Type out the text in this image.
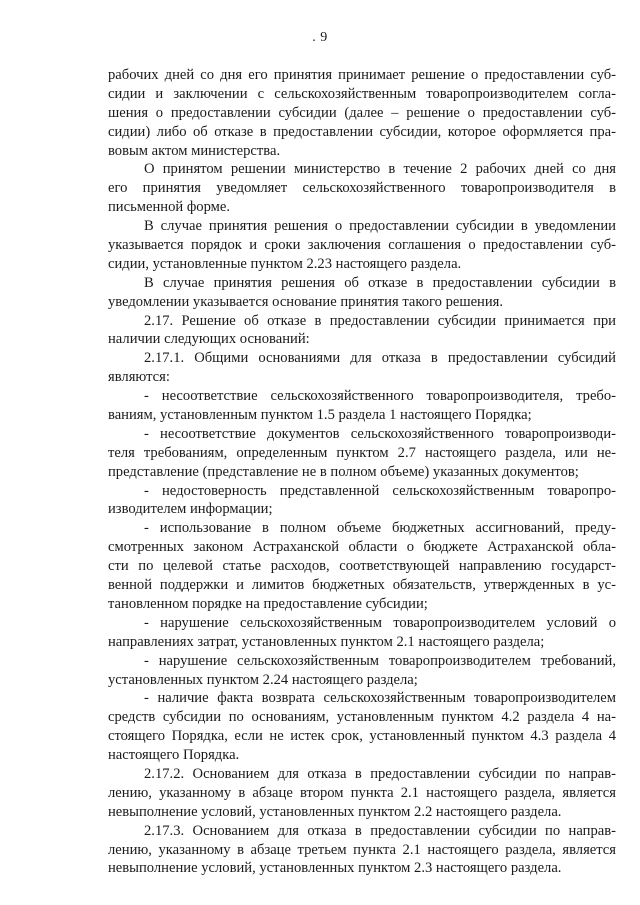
. 9
рабочих дней со дня его принятия принимает решение о предоставлении суб-
сидии и заключении с сельскохозяйственным товаропроизводителем согла-
шения о предоставлении субсидии (далее – решение о предоставлении суб-
сидии) либо об отказе в предоставлении субсидии, которое оформляется пра-
вовым актом министерства.
О принятом решении министерство в течение 2 рабочих дней со дня
его принятия уведомляет сельскохозяйственного товаропроизводителя в
письменной форме.
В случае принятия решения о предоставлении субсидии в уведомлении
указывается порядок и сроки заключения соглашения о предоставлении суб-
сидии, установленные пунктом 2.23 настоящего раздела.
В случае принятия решения об отказе в предоставлении субсидии в
уведомлении указывается основание принятия такого решения.
2.17. Решение об отказе в предоставлении субсидии принимается при
наличии следующих оснований:
2.17.1. Общими основаниями для отказа в предоставлении субсидий
являются:
- несоответствие сельскохозяйственного товаропроизводителя, требо-
ваниям, установленным пунктом 1.5 раздела 1 настоящего Порядка;
- несоответствие документов сельскохозяйственного товаропроизводи-
теля требованиям, определенным пунктом 2.7 настоящего раздела, или не-
представление (представление не в полном объеме) указанных документов;
- недостоверность представленной сельскохозяйственным товаропро-
изводителем информации;
- использование в полном объеме бюджетных ассигнований, преду-
смотренных законом Астраханской области о бюджете Астраханской обла-
сти по целевой статье расходов, соответствующей направлению государст-
венной поддержки и лимитов бюджетных обязательств, утвержденных в ус-
тановленном порядке на предоставление субсидии;
- нарушение сельскохозяйственным товаропроизводителем условий о
направлениях затрат, установленных пунктом 2.1 настоящего раздела;
- нарушение сельскохозяйственным товаропроизводителем требований,
установленных пунктом 2.24 настоящего раздела;
- наличие факта возврата сельскохозяйственным товаропроизводителем
средств субсидии по основаниям, установленным пунктом 4.2 раздела 4 на-
стоящего Порядка, если не истек срок, установленный пунктом 4.3 раздела 4
настоящего Порядка.
2.17.2. Основанием для отказа в предоставлении субсидии по направ-
лению, указанному в абзаце втором пункта 2.1 настоящего раздела, является
невыполнение условий, установленных пунктом 2.2 настоящего раздела.
2.17.3. Основанием для отказа в предоставлении субсидии по направ-
лению, указанному в абзаце третьем пункта 2.1 настоящего раздела, является
невыполнение условий, установленных пунктом 2.3 настоящего раздела.
